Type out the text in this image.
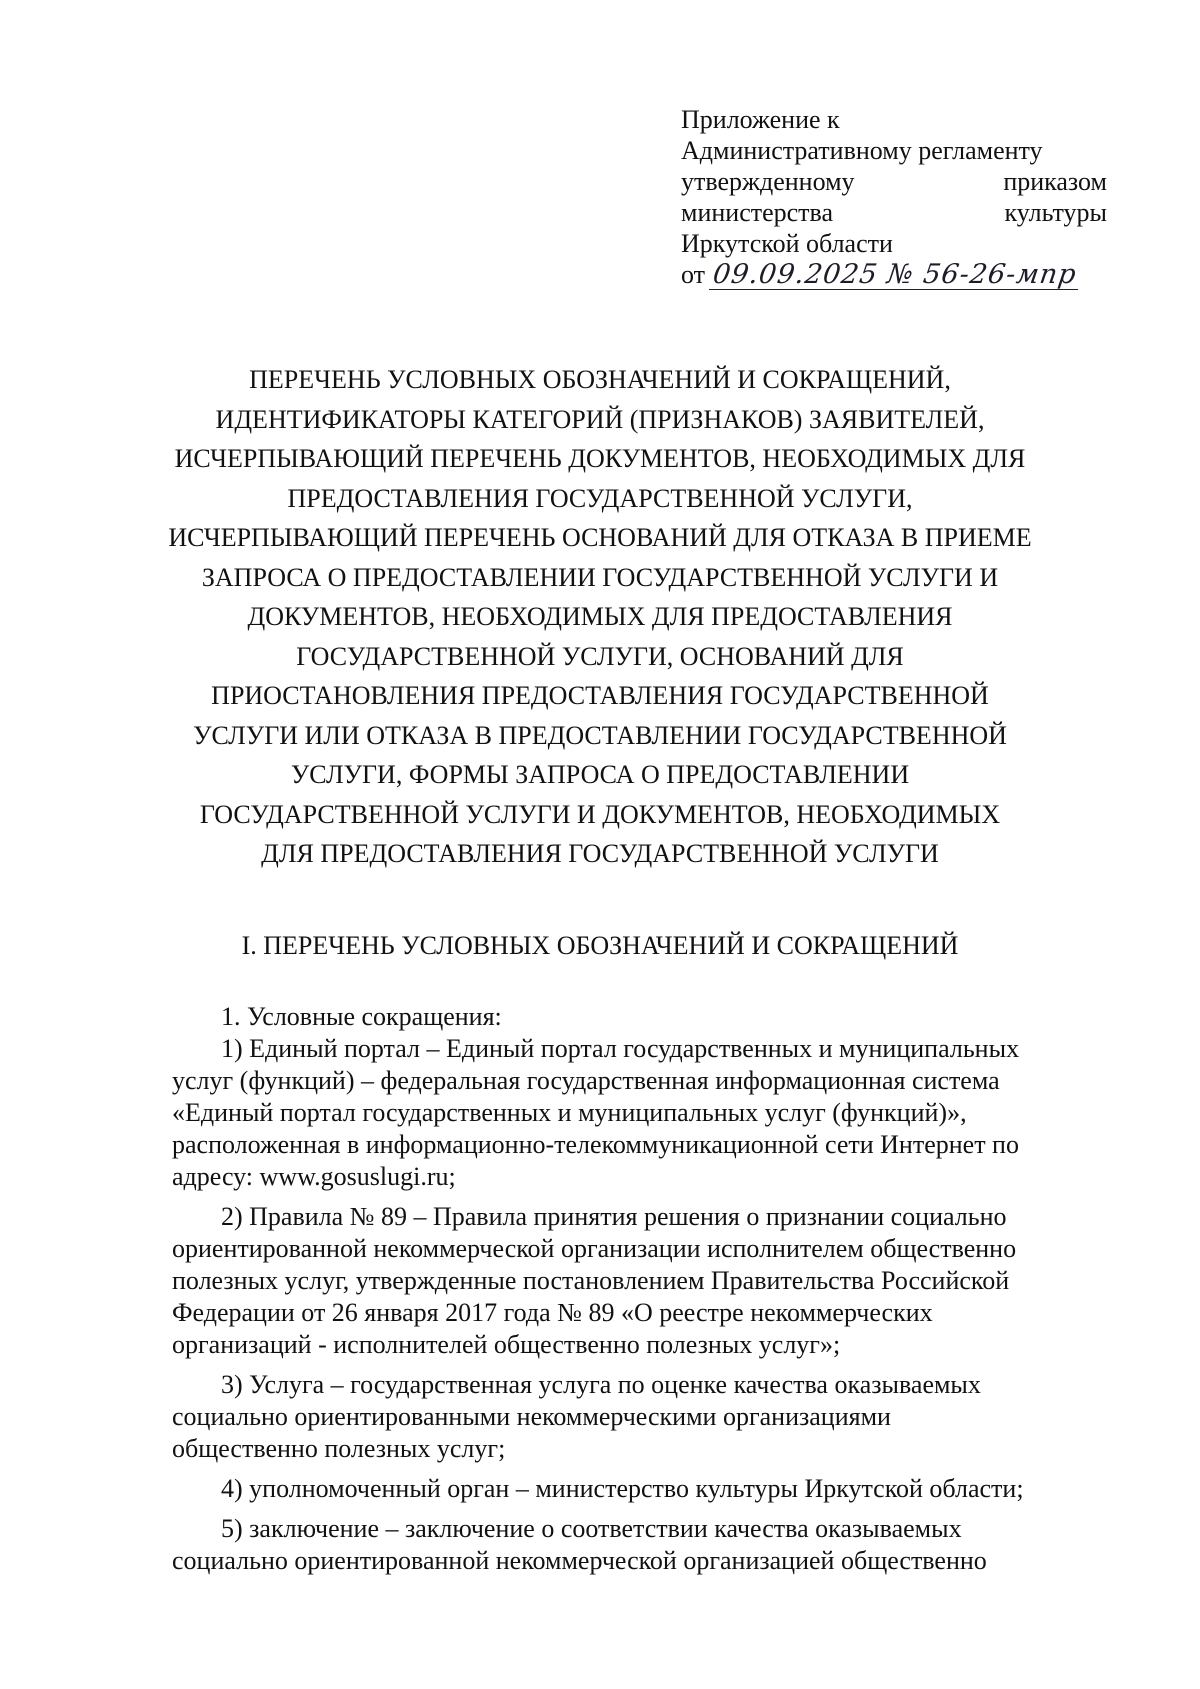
Приложение к
Административному регламенту
утвержденному	приказом
министерства	культуры
Иркутской области
от 09.09.2025 № 56-26-мпр
ПЕРЕЧЕНЬ УСЛОВНЫХ ОБОЗНАЧЕНИЙ И СОКРАЩЕНИЙ,
ИДЕНТИФИКАТОРЫ КАТЕГОРИЙ (ПРИЗНАКОВ) ЗАЯВИТЕЛЕЙ,
ИСЧЕРПЫВАЮЩИЙ ПЕРЕЧЕНЬ ДОКУМЕНТОВ, НЕОБХОДИМЫХ ДЛЯ
ПРЕДОСТАВЛЕНИЯ ГОСУДАРСТВЕННОЙ УСЛУГИ,
ИСЧЕРПЫВАЮЩИЙ ПЕРЕЧЕНЬ ОСНОВАНИЙ ДЛЯ ОТКАЗА В ПРИЕМЕ
ЗАПРОСА О ПРЕДОСТАВЛЕНИИ ГОСУДАРСТВЕННОЙ УСЛУГИ И
ДОКУМЕНТОВ, НЕОБХОДИМЫХ ДЛЯ ПРЕДОСТАВЛЕНИЯ
ГОСУДАРСТВЕННОЙ УСЛУГИ, ОСНОВАНИЙ ДЛЯ
ПРИОСТАНОВЛЕНИЯ ПРЕДОСТАВЛЕНИЯ ГОСУДАРСТВЕННОЙ
УСЛУГИ ИЛИ ОТКАЗА В ПРЕДОСТАВЛЕНИИ ГОСУДАРСТВЕННОЙ
УСЛУГИ, ФОРМЫ ЗАПРОСА О ПРЕДОСТАВЛЕНИИ
ГОСУДАРСТВЕННОЙ УСЛУГИ И ДОКУМЕНТОВ, НЕОБХОДИМЫХ
ДЛЯ ПРЕДОСТАВЛЕНИЯ ГОСУДАРСТВЕННОЙ УСЛУГИ
I. ПЕРЕЧЕНЬ УСЛОВНЫХ ОБОЗНАЧЕНИЙ И СОКРАЩЕНИЙ
1. Условные сокращения:
1) Единый портал – Единый портал государственных и муниципальных
услуг (функций) – федеральная государственная информационная система
«Единый портал государственных и муниципальных услуг (функций)»,
расположенная в информационно-телекоммуникационной сети Интернет по
адресу: www.gosuslugi.ru;
2) Правила № 89 – Правила принятия решения о признании социально
ориентированной некоммерческой организации исполнителем общественно
полезных услуг, утвержденные постановлением Правительства Российской
Федерации от 26 января 2017 года № 89 «О реестре некоммерческих
организаций - исполнителей общественно полезных услуг»;
3) Услуга – государственная услуга по оценке качества оказываемых
социально ориентированными некоммерческими организациями
общественно полезных услуг;
4) уполномоченный орган – министерство культуры Иркутской области;
5) заключение – заключение о соответствии качества оказываемых
социально ориентированной некоммерческой организацией общественно
